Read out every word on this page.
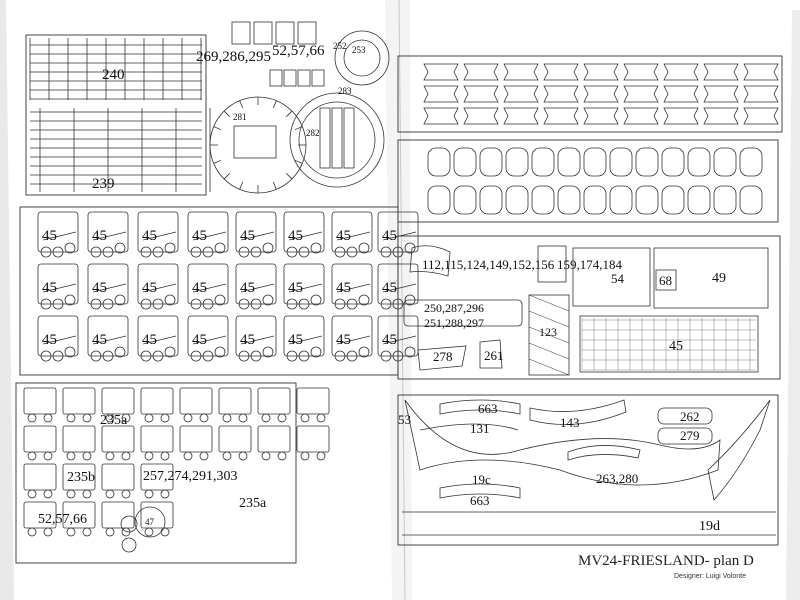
240
239
269,286,295 52,57,66 252 253
281
282
283
45 45 45 45 45 45 45 45
45 45 45 45 45 45 45 45
45 45 45 45 45 45 45 45
112,115,124,149,152,156 159,174,184
54	68	49
250,287,296
251,288,297
123
278 261
45
235a
235b	257,274,291,303
235a
52,57,66	47
53
663
131	143	262
279
263,280
19c
663
19d
MV24-FRIESLAND- plan D
Designer: Luigi Volonte
